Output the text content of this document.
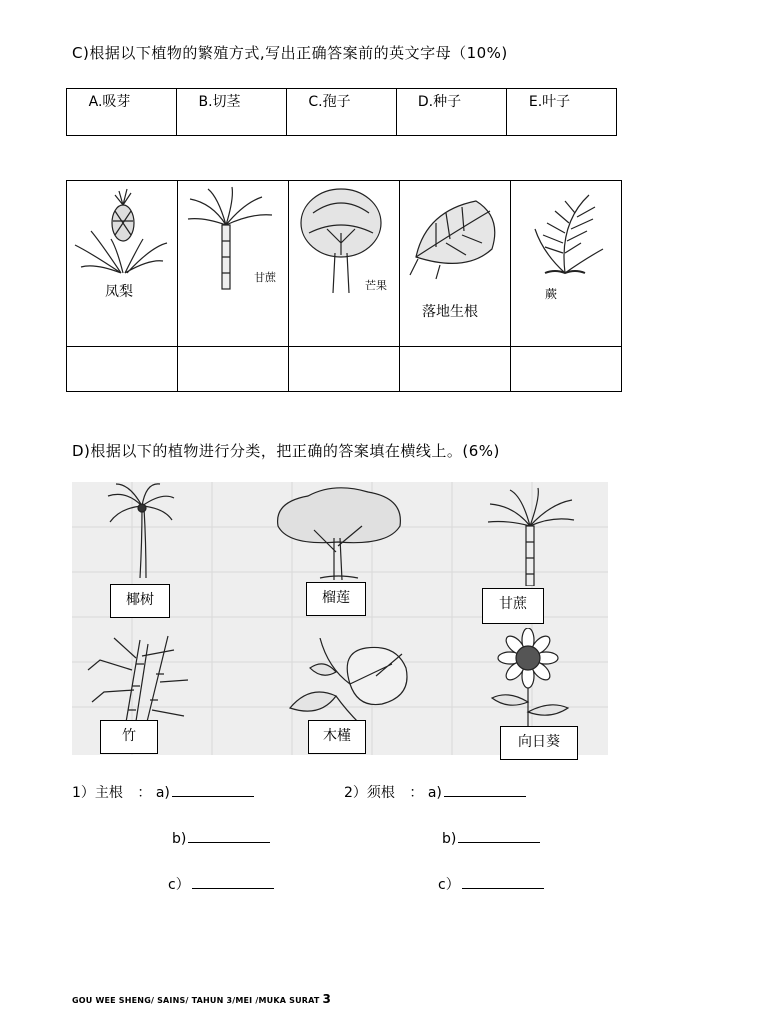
C)根据以下植物的繁殖方式,写出正确答案前的英文字母（10%)
A.吸芽	B.切茎	C.孢子	D.种子	E.叶子
凤梨	甘蔗	芒果	落地生根	蕨

D)根据以下的植物进行分类，把正确的答案填在横线上。(6%)
椰树	榴莲	甘蔗
竹	木槿	向日葵
1）主根 ： a)
b)
c）
2）须根 ： a)
b)
c）
GOU WEE SHENG/ SAINS/ TAHUN 3/MEI /MUKA SURAT 3
